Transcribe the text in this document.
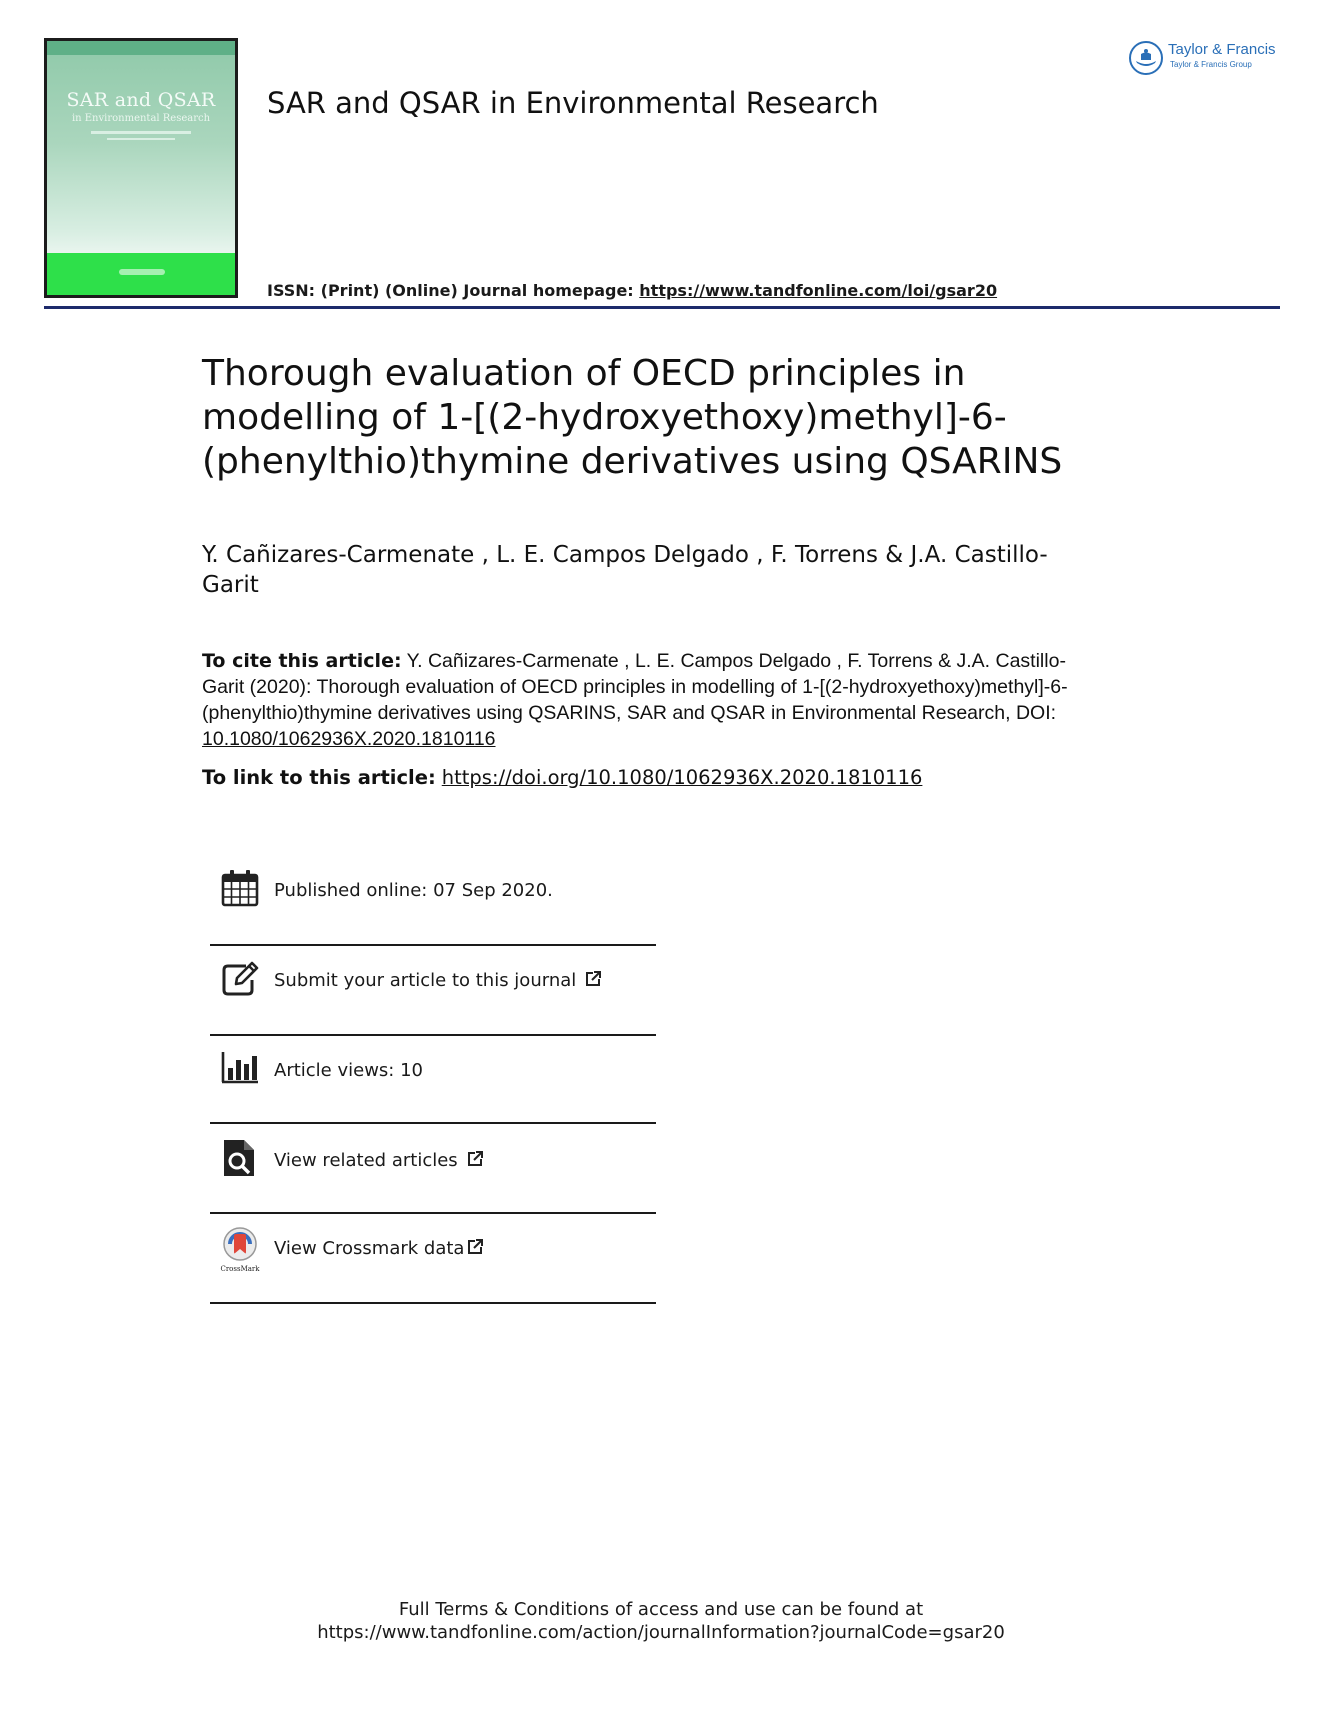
SAR and QSAR
in Environmental Research	SAR and QSAR in Environmental Research
ISSN: (Print) (Online) Journal homepage: https://www.tandfonline.com/loi/gsar20
Taylor & Francis
Taylor & Francis Group
Thorough evaluation of OECD principles in modelling of 1-[(2-hydroxyethoxy)methyl]-6-(phenylthio)thymine derivatives using QSARINS
Y. Cañizares-Carmenate , L. E. Campos Delgado , F. Torrens & J.A. Castillo-Garit
To cite this article: Y. Cañizares-Carmenate , L. E. Campos Delgado , F. Torrens & J.A. Castillo-Garit (2020): Thorough evaluation of OECD principles in modelling of 1-[(2-hydroxyethoxy)methyl]-6-(phenylthio)thymine derivatives using QSARINS, SAR and QSAR in Environmental Research, DOI: 10.1080/1062936X.2020.1810116
To link to this article: https://doi.org/10.1080/1062936X.2020.1810116
Published online: 07 Sep 2020.
Submit your article to this journal
Article views: 10
View related articles
CrossMark
View Crossmark data
Full Terms & Conditions of access and use can be found at
https://www.tandfonline.com/action/journalInformation?journalCode=gsar20
